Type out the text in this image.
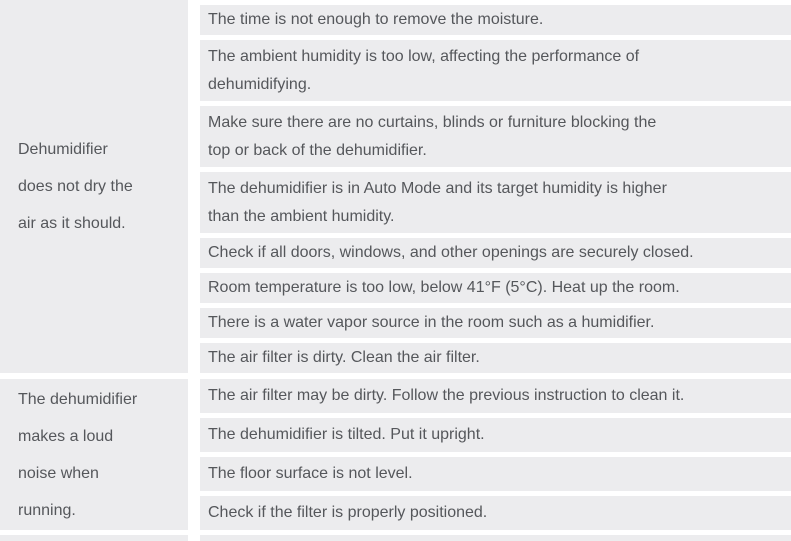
Dehumidifier
does not dry the
air as it should.
The time is not enough to remove the moisture.
The ambient humidity is too low, affecting the performance of
dehumidifying.
Make sure there are no curtains, blinds or furniture blocking the
top or back of the dehumidifier.
The dehumidifier is in Auto Mode and its target humidity is higher
than the ambient humidity.
Check if all doors, windows, and other openings are securely closed.
Room temperature is too low, below 41°F (5°C). Heat up the room.
There is a water vapor source in the room such as a humidifier.
The air filter is dirty. Clean the air filter.
The dehumidifier
makes a loud
noise when
running.
The air filter may be dirty. Follow the previous instruction to clean it.
The dehumidifier is tilted. Put it upright.
The floor surface is not level.
Check if the filter is properly positioned.
